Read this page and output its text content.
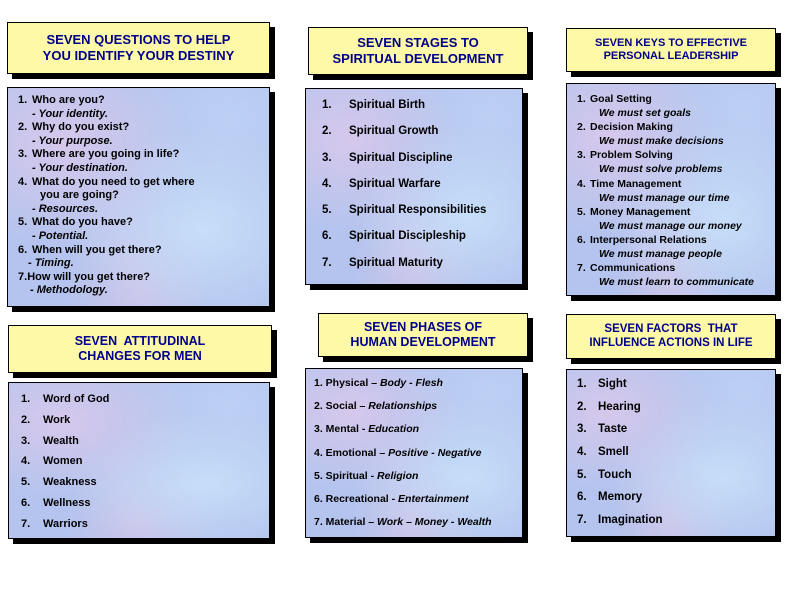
SEVEN QUESTIONS TO HELP
YOU IDENTIFY YOUR DESTINY
1. Who are you?
- Your identity.
2. Why do you exist?
- Your purpose.
3. Where are you going in life?
- Your destination.
4. What do you need to get where
you are going?
- Resources.
5. What do you have?
- Potential.
6. When will you get there?
- Timing.
7.How will you get there?
- Methodology.
SEVEN STAGES TO
SPIRITUAL DEVELOPMENT
1. Spiritual Birth
2. Spiritual Growth
3. Spiritual Discipline
4. Spiritual Warfare
5. Spiritual Responsibilities
6. Spiritual Discipleship
7. Spiritual Maturity
SEVEN KEYS TO EFFECTIVE
PERSONAL LEADERSHIP
1. Goal Setting
We must set goals
2. Decision Making
We must make decisions
3. Problem Solving
We must solve problems
4. Time Management
We must manage our time
5. Money Management
We must manage our money
6. Interpersonal Relations
We must manage people
7. Communications
We must learn to communicate
SEVEN  ATTITUDINAL
CHANGES FOR MEN
1. Word of God
2. Work
3. Wealth
4. Women
5. Weakness
6. Wellness
7. Warriors
SEVEN PHASES OF
HUMAN DEVELOPMENT
1. Physical – Body - Flesh
2. Social – Relationships
3. Mental - Education
4. Emotional – Positive - Negative
5. Spiritual - Religion
6. Recreational - Entertainment
7. Material – Work – Money - Wealth
SEVEN FACTORS  THAT
INFLUENCE ACTIONS IN LIFE
1. Sight
2. Hearing
3. Taste
4. Smell
5. Touch
6. Memory
7. Imagination
